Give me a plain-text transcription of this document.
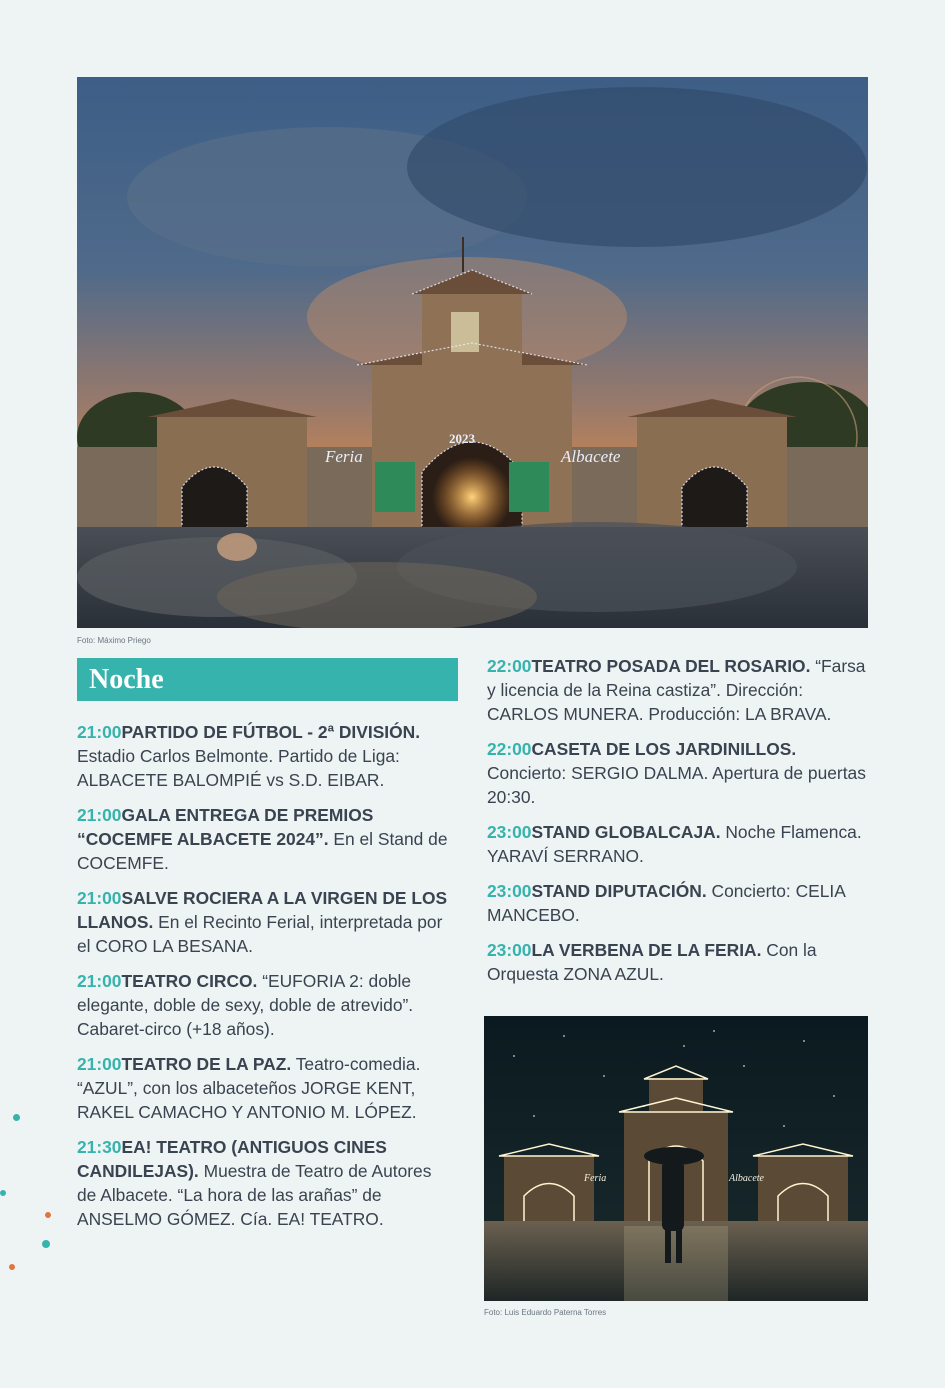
Feria	Albacete
2023
Foto: Máximo Priego
Noche

21:00PARTIDO DE FÚTBOL - 2ª DIVISIÓN. Estadio Carlos Belmonte. Partido de Liga: ALBACETE BALOMPIÉ vs S.D. EIBAR.

21:00GALA ENTREGA DE PREMIOS “COCEMFE ALBACETE 2024”. En el Stand de COCEMFE.

21:00SALVE ROCIERA A LA VIRGEN DE LOS LLANOS. En el Recinto Ferial, interpretada por el CORO LA BESANA.

21:00TEATRO CIRCO. “EUFORIA 2: doble elegante, doble de sexy, doble de atrevido”. Cabaret-circo (+18 años).

21:00TEATRO DE LA PAZ. Teatro-comedia. “AZUL”, con los albaceteños JORGE KENT, RAKEL CAMACHO Y ANTONIO M. LÓPEZ.

21:30EA! TEATRO (ANTIGUOS CINES CANDILEJAS). Muestra de Teatro de Autores de Albacete. “La hora de las arañas” de ANSELMO GÓMEZ. Cía. EA! TEATRO.

22:00TEATRO POSADA DEL ROSARIO. “Farsa y licencia de la Reina castiza”. Dirección: CARLOS MUNERA. Producción: LA BRAVA.

22:00CASETA DE LOS JARDINILLOS. Concierto: SERGIO DALMA. Apertura de puertas 20:30.

23:00STAND GLOBALCAJA. Noche Flamenca. YARAVÍ SERRANO.

23:00STAND DIPUTACIÓN. Concierto: CELIA MANCEBO.

23:00LA VERBENA DE LA FERIA. Con la Orquesta ZONA AZUL.

Feria	Albacete
Foto: Luis Eduardo Paterna Torres
